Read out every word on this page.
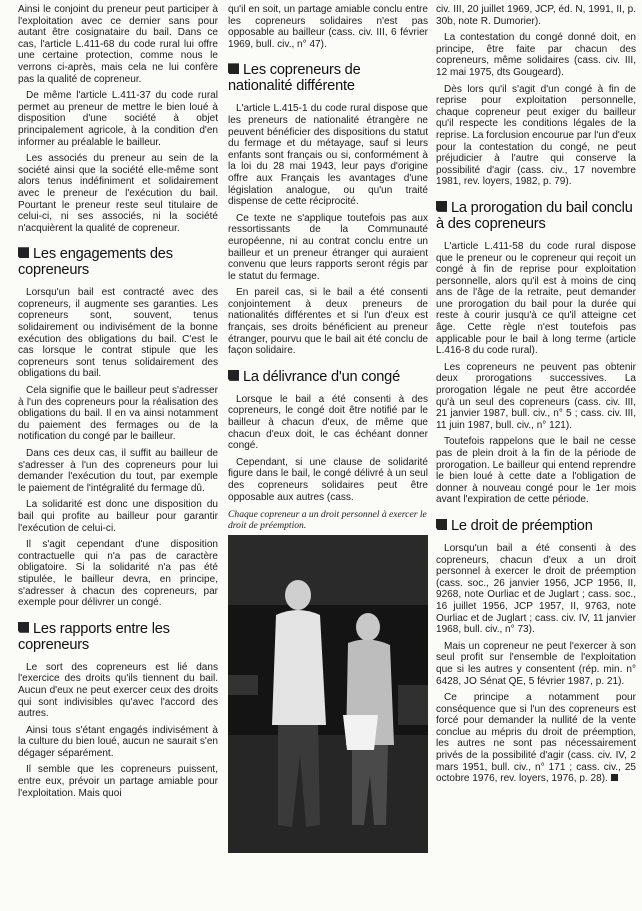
Ainsi le conjoint du preneur peut participer à l'exploitation avec ce dernier sans pour autant être cosignataire du bail. Dans ce cas, l'article L.411-68 du code rural lui offre une certaine protection, comme nous le verrons ci-après, mais cela ne lui confère pas la qualité de copreneur.

De même l'article L.411-37 du code rural permet au preneur de mettre le bien loué à disposition d'une société à objet principalement agricole, à la condition d'en informer au préalable le bailleur.

Les associés du preneur au sein de la société ainsi que la société elle-même sont alors tenus indéfiniment et solidairement avec le preneur de l'exécution du bail. Pourtant le preneur reste seul titulaire de celui-ci, ni ses associés, ni la société n'acquièrent la qualité de copreneur.

Les engagements des copreneurs

Lorsqu'un bail est contracté avec des copreneurs, il augmente ses garanties. Les copreneurs sont, souvent, tenus solidairement ou indivisément de la bonne exécution des obligations du bail. C'est le cas lorsque le contrat stipule que les copreneurs sont tenus solidairement des obligations du bail.

Cela signifie que le bailleur peut s'adresser à l'un des copreneurs pour la réalisation des obligations du bail. Il en va ainsi notamment du paiement des fermages ou de la notification du congé par le bailleur.

Dans ces deux cas, il suffit au bailleur de s'adresser à l'un des copreneurs pour lui demander l'exécution du tout, par exemple le paiement de l'intégralité du fermage dû.

La solidarité est donc une disposition du bail qui profite au bailleur pour garantir l'exécution de celui-ci.

Il s'agit cependant d'une disposition contractuelle qui n'a pas de caractère obligatoire. Si la solidarité n'a pas été stipulée, le bailleur devra, en principe, s'adresser à chacun des copreneurs, par exemple pour délivrer un congé.

Les rapports entre les copreneurs

Le sort des copreneurs est lié dans l'exercice des droits qu'ils tiennent du bail. Aucun d'eux ne peut exercer ceux des droits qui sont indivisibles qu'avec l'accord des autres.

Ainsi tous s'étant engagés indivisément à la culture du bien loué, aucun ne saurait s'en dégager séparément.

Il semble que les copreneurs puissent, entre eux, prévoir un partage amiable pour l'exploitation. Mais quoi

qu'il en soit, un partage amiable conclu entre les copreneurs solidaires n'est pas opposable au bailleur (cass. civ. III, 6 février 1969, bull. civ., n° 47).

Les copreneurs de nationalité différente

L'article L.415-1 du code rural dispose que les preneurs de nationalité étrangère ne peuvent bénéficier des dispositions du statut du fermage et du métayage, sauf si leurs enfants sont français ou si, conformément à la loi du 28 mai 1943, leur pays d'origine offre aux Français les avantages d'une législation analogue, ou qu'un traité dispense de cette réciprocité.

Ce texte ne s'applique toutefois pas aux ressortissants de la Communauté européenne, ni au contrat conclu entre un bailleur et un preneur étranger qui auraient convenu que leurs rapports seront régis par le statut du fermage.

En pareil cas, si le bail a été consenti conjointement à deux preneurs de nationalités différentes et si l'un d'eux est français, ses droits bénéficient au preneur étranger, pourvu que le bail ait été conclu de façon solidaire.

La délivrance d'un congé

Lorsque le bail a été consenti à des copreneurs, le congé doit être notifié par le bailleur à chacun d'eux, de même que chacun d'eux doit, le cas échéant donner congé.

Cependant, si une clause de solidarité figure dans le bail, le congé délivré à un seul des copreneurs solidaires peut être opposable aux autres (cass.

Chaque copreneur a un droit personnel à exercer le droit de préemption.

civ. III, 20 juillet 1969, JCP, éd. N, 1991, II, p. 30b, note R. Dumorier).

La contestation du congé donné doit, en principe, être faite par chacun des copreneurs, même solidaires (cass. civ. III, 12 mai 1975, dts Gougeard).

Dès lors qu'il s'agit d'un congé à fin de reprise pour exploitation personnelle, chaque copreneur peut exiger du bailleur qu'il respecte les conditions légales de la reprise. La forclusion encourue par l'un d'eux pour la contestation du congé, ne peut préjudicier à l'autre qui conserve la possibilité d'agir (cass. civ., 17 novembre 1981, rev. loyers, 1982, p. 79).

La prorogation du bail conclu à des copreneurs

L'article L.411-58 du code rural dispose que le preneur ou le copreneur qui reçoit un congé à fin de reprise pour exploitation personnelle, alors qu'il est à moins de cinq ans de l'âge de la retraite, peut demander une prorogation du bail pour la durée qui reste à courir jusqu'à ce qu'il atteigne cet âge. Cette règle n'est toutefois pas applicable pour le bail à long terme (article L.416-8 du code rural).

Les copreneurs ne peuvent pas obtenir deux prorogations successives. La prorogation légale ne peut être accordée qu'à un seul des copreneurs (cass. civ. III, 21 janvier 1987, bull. civ., n° 5 ; cass. civ. III, 11 juin 1987, bull. civ., n° 121).

Toutefois rappelons que le bail ne cesse pas de plein droit à la fin de la période de prorogation. Le bailleur qui entend reprendre le bien loué à cette date a l'obligation de donner à nouveau congé pour le 1er mois avant l'expiration de cette période.

Le droit de préemption

Lorsqu'un bail a été consenti à des copreneurs, chacun d'eux a un droit personnel à exercer le droit de préemption (cass. soc., 26 janvier 1956, JCP 1956, II, 9268, note Ourliac et de Juglart ; cass. soc., 16 juillet 1956, JCP 1957, II, 9763, note Ourliac et de Juglart ; cass. civ. IV, 11 janvier 1968, bull. civ., n° 73).

Mais un copreneur ne peut l'exercer à son seul profit sur l'ensemble de l'exploitation que si les autres y consentent (rép. min. n° 6428, JO Sénat QE, 5 février 1987, p. 21).

Ce principe a notamment pour conséquence que si l'un des copreneurs est forcé pour demander la nullité de la vente conclue au mépris du droit de préemption, les autres ne sont pas nécessairement privés de la possibilité d'agir (cass. civ. IV, 2 mars 1951, bull. civ., n° 171 ; cass. civ., 25 octobre 1976, rev. loyers, 1976, p. 28).
